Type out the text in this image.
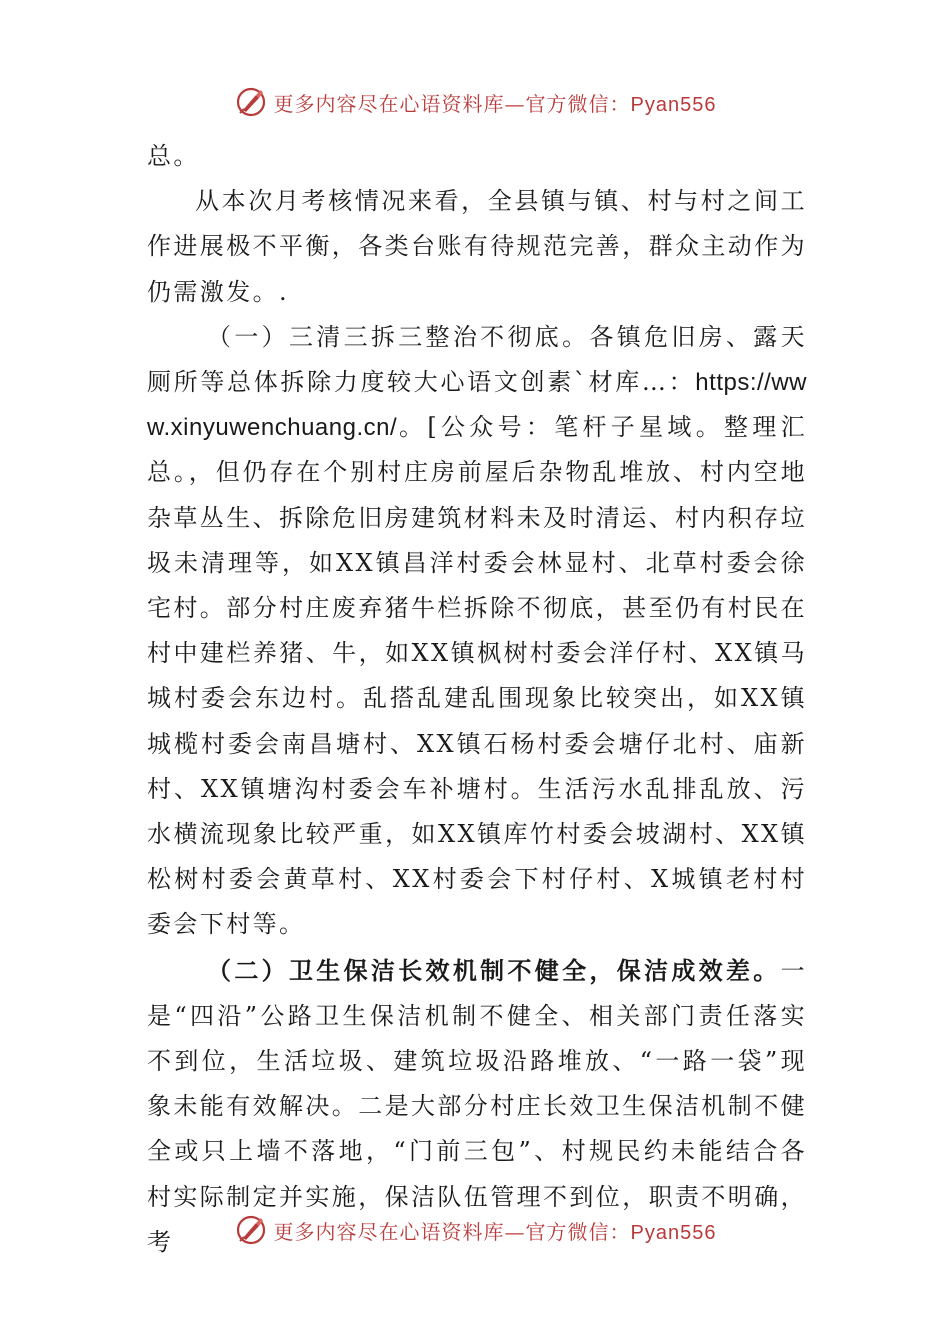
更多内容尽在心语资料库—官方微信：Pyan556

总。

从本次月考核情况来看，全县镇与镇、村与村之间工作进展极不平衡，各类台账有待规范完善，群众主动作为仍需激发。.

（一）三清三拆三整治不彻底。各镇危旧房、露天厕所等总体拆除力度较大心语文创素`材库…：https://www.xinyuwenchuang.cn/。[公众号：笔杆子星域。整理汇总。，但仍存在个别村庄房前屋后杂物乱堆放、村内空地杂草丛生、拆除危旧房建筑材料未及时清运、村内积存垃圾未清理等，如XX镇昌洋村委会林显村、北草村委会徐宅村。部分村庄废弃猪牛栏拆除不彻底，甚至仍有村民在村中建栏养猪、牛，如XX镇枫树村委会洋仔村、XX镇马城村委会东边村。乱搭乱建乱围现象比较突出，如XX镇城榄村委会南昌塘村、XX镇石杨村委会塘仔北村、庙新村、XX镇塘沟村委会车补塘村。生活污水乱排乱放、污水横流现象比较严重，如XX镇库竹村委会坡湖村、XX镇松树村委会黄草村、XX村委会下村仔村、X城镇老村村委会下村等。

（二）卫生保洁长效机制不健全，保洁成效差。一是“四沿”公路卫生保洁机制不健全、相关部门责任落实不到位，生活垃圾、建筑垃圾沿路堆放、“一路一袋”现象未能有效解决。二是大部分村庄长效卫生保洁机制不健全或只上墙不落地，“门前三包”、村规民约未能结合各村实际制定并实施，保洁队伍管理不到位，职责不明确，考	更多内容尽在心语资料库—官方微信：Pyan556
